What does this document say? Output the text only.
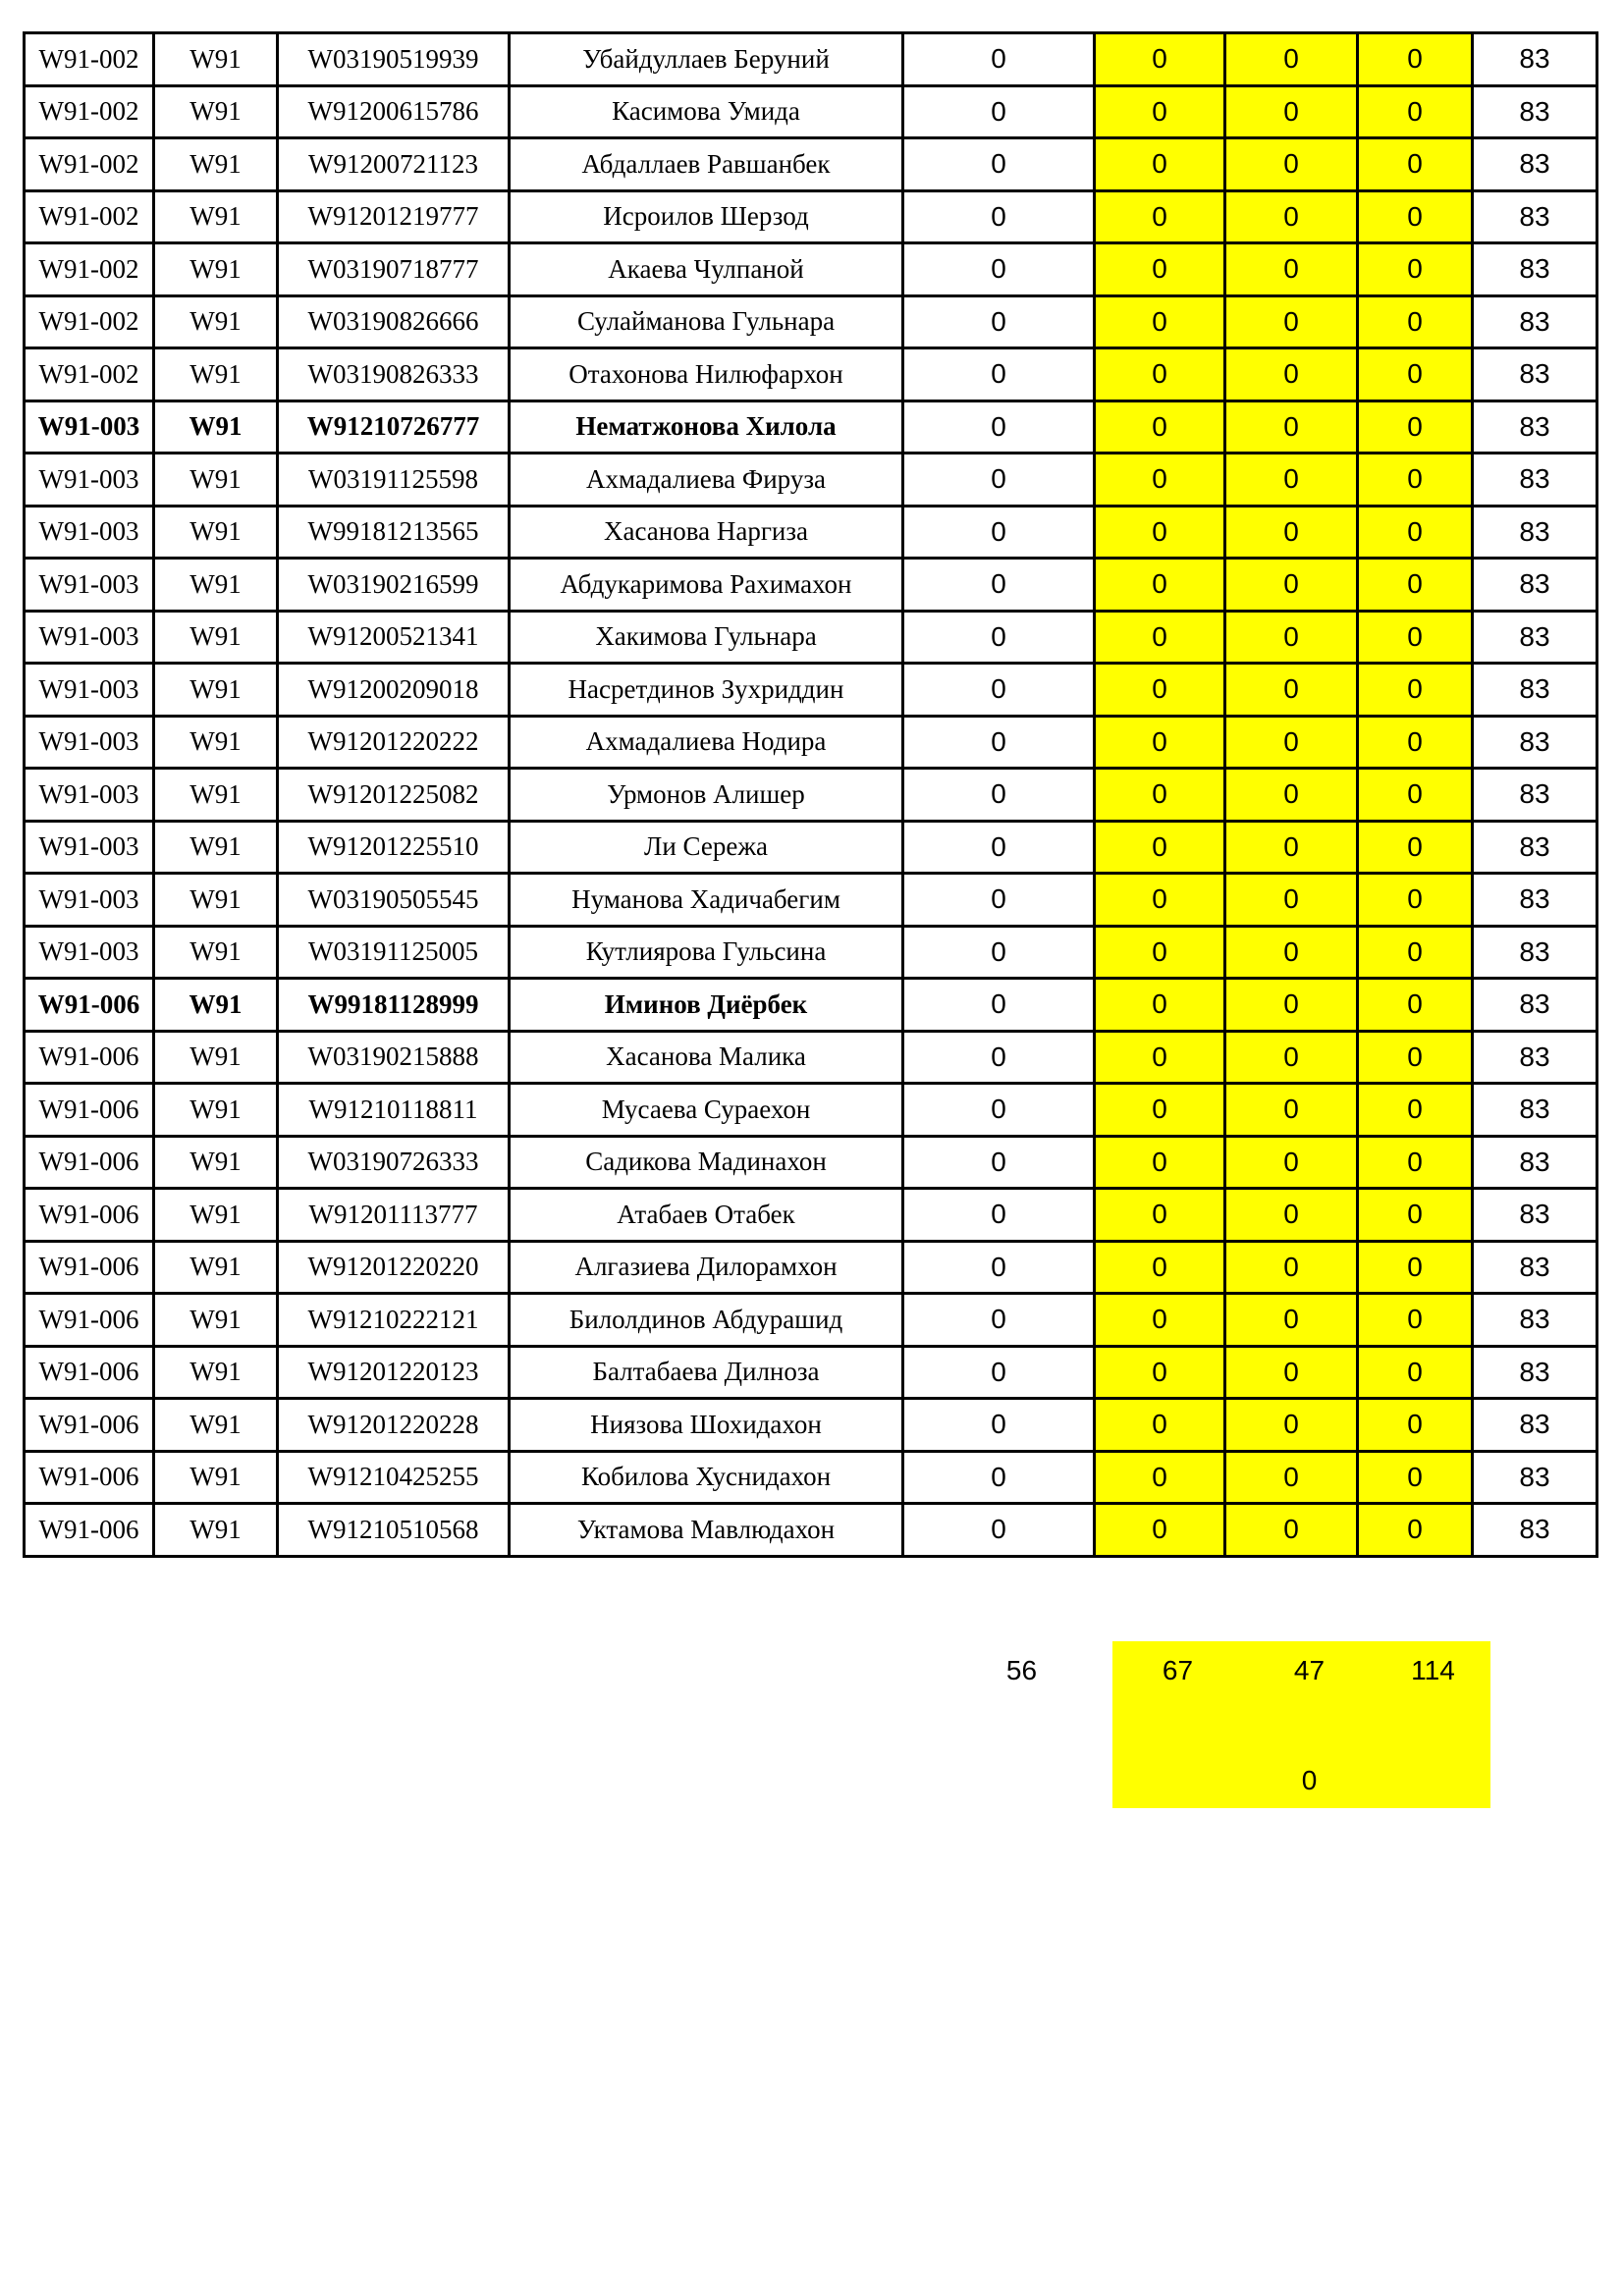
W91-002	W91	W03190519939	Убайдуллаев Беруний	0	0	0	0	83
W91-002	W91	W91200615786	Касимова Умида	0	0	0	0	83
W91-002	W91	W91200721123	Абдаллаев Равшанбек	0	0	0	0	83
W91-002	W91	W91201219777	Исроилов Шерзод	0	0	0	0	83
W91-002	W91	W03190718777	Акаева Чулпаной	0	0	0	0	83
W91-002	W91	W03190826666	Сулайманова Гульнара	0	0	0	0	83
W91-002	W91	W03190826333	Отахонова Нилюфархон	0	0	0	0	83
W91-003	W91	W91210726777	Нематжонова Хилола	0	0	0	0	83
W91-003	W91	W03191125598	Ахмадалиева Фируза	0	0	0	0	83
W91-003	W91	W99181213565	Хасанова Наргиза	0	0	0	0	83
W91-003	W91	W03190216599	Абдукаримова Рахимахон	0	0	0	0	83
W91-003	W91	W91200521341	Хакимова Гульнара	0	0	0	0	83
W91-003	W91	W91200209018	Насретдинов Зухриддин	0	0	0	0	83
W91-003	W91	W91201220222	Ахмадалиева Нодира	0	0	0	0	83
W91-003	W91	W91201225082	Урмонов Алишер	0	0	0	0	83
W91-003	W91	W91201225510	Ли Сережа	0	0	0	0	83
W91-003	W91	W03190505545	Нуманова Хадичабегим	0	0	0	0	83
W91-003	W91	W03191125005	Кутлиярова Гульсина	0	0	0	0	83
W91-006	W91	W99181128999	Иминов Диёрбек	0	0	0	0	83
W91-006	W91	W03190215888	Хасанова Малика	0	0	0	0	83
W91-006	W91	W91210118811	Мусаева Сураехон	0	0	0	0	83
W91-006	W91	W03190726333	Садикова Мадинахон	0	0	0	0	83
W91-006	W91	W91201113777	Атабаев Отабек	0	0	0	0	83
W91-006	W91	W91201220220	Алгазиева Дилорамхон	0	0	0	0	83
W91-006	W91	W91210222121	Билолдинов Абдурашид	0	0	0	0	83
W91-006	W91	W91201220123	Балтабаева Дилноза	0	0	0	0	83
W91-006	W91	W91201220228	Ниязова Шохидахон	0	0	0	0	83
W91-006	W91	W91210425255	Кобилова Хуснидахон	0	0	0	0	83
W91-006	W91	W91210510568	Уктамова Мавлюдахон	0	0	0	0	83
56	67	47	114
0
